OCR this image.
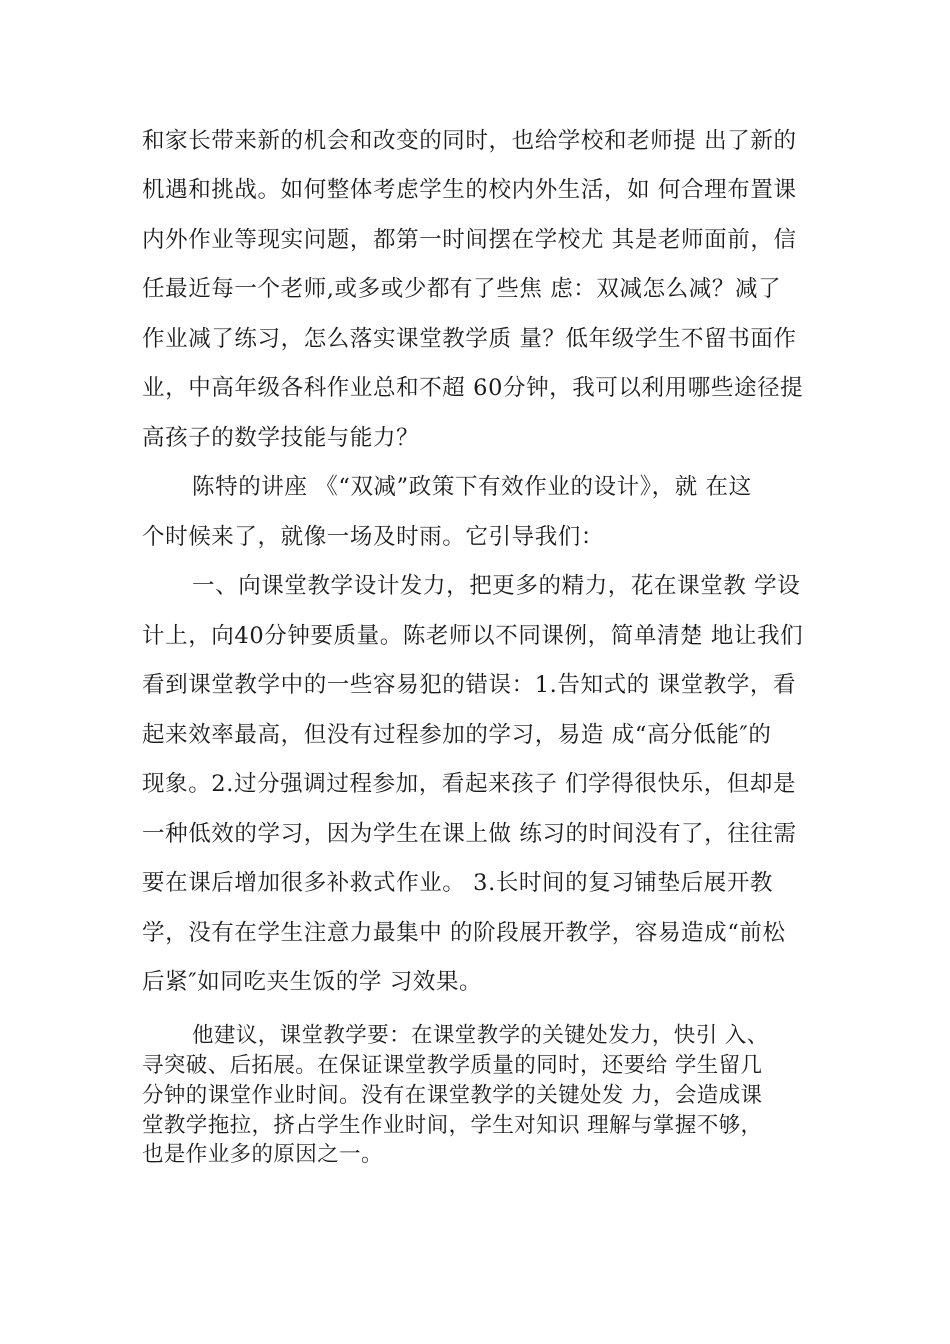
和家长带来新的机会和改变的同时，也给学校和老师提 出了新的
机遇和挑战。如何整体考虑学生的校内外生活，如 何合理布置课
内外作业等现实问题，都第一时间摆在学校尤 其是老师面前，信
任最近每一个老师,或多或少都有了些焦 虑：双减怎么减？减了
作业减了练习，怎么落实课堂教学质 量？低年级学生不留书面作
业，中高年级各科作业总和不超 60分钟，我可以利用哪些途径提
高孩子的数学技能与能力？
陈特的讲座 《“双减”政策下有效作业的设计》，就 在这
个时候来了，就像一场及时雨。它引导我们：
一、向课堂教学设计发力，把更多的精力，花在课堂教 学设
计上，向40分钟要质量。陈老师以不同课例，简单清楚 地让我们
看到课堂教学中的一些容易犯的错误：1.告知式的 课堂教学，看
起来效率最高，但没有过程参加的学习，易造 成“高分低能″的
现象。2.过分强调过程参加，看起来孩子 们学得很快乐，但却是
一种低效的学习，因为学生在课上做 练习的时间没有了，往往需
要在课后增加很多补救式作业。 3.长时间的复习铺垫后展开教
学，没有在学生注意力最集中 的阶段展开教学，容易造成“前松
后紧″如同吃夹生饭的学 习效果。
他建议，课堂教学要：在课堂教学的关键处发力，快引 入、
寻突破、后拓展。在保证课堂教学质量的同时，还要给 学生留几
分钟的课堂作业时间。没有在课堂教学的关键处发 力，会造成课
堂教学拖拉，挤占学生作业时间，学生对知识 理解与掌握不够，
也是作业多的原因之一。
